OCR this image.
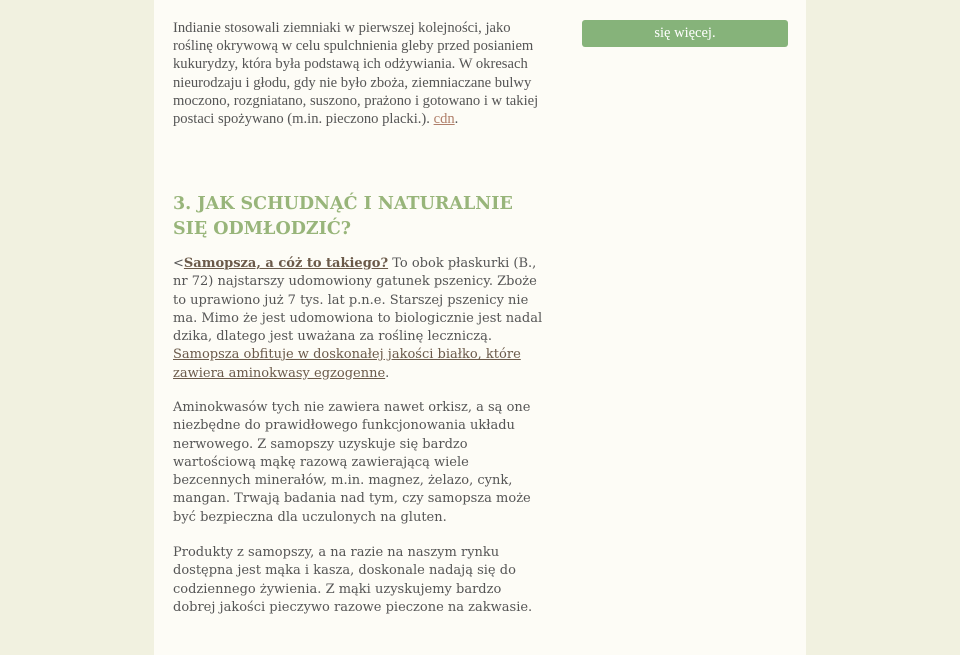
Indianie stosowali ziemniaki w pierwszej kolejności, jako roślinę okrywową w celu spulchnienia gleby przed posianiem kukurydzy, która była podstawą ich odżywiania. W okresach nieurodzaju i głodu, gdy nie było zboża, ziemniaczane bulwy moczono, rozgniatano, suszono, prażono i gotowano i w takiej postaci spożywano (m.in. pieczono placki.). cdn.
się więcej.
3. JAK SCHUDNĄĆ I NATURALNIE SIĘ ODMŁODZIĆ?
<Samopsza, a cóż to takiego? To obok płaskurki (B., nr 72) najstarszy udomowiony gatunek pszenicy. Zboże to uprawiono już 7 tys. lat p.n.e. Starszej pszenicy nie ma. Mimo że jest udomowiona to biologicznie jest nadal dzika, dlatego jest uważana za roślinę leczniczą. Samopsza obfituje w doskonałej jakości białko, które zawiera aminokwasy egzogenne.
Aminokwasów tych nie zawiera nawet orkisz, a są one niezbędne do prawidłowego funkcjonowania układu nerwowego. Z samopszy uzyskuje się bardzo wartościową mąkę razową zawierającą wiele bezcennych minerałów, m.in. magnez, żelazo, cynk, mangan. Trwają badania nad tym, czy samopsza może być bezpieczna dla uczulonych na gluten.
Produkty z samopszy, a na razie na naszym rynku dostępna jest mąka i kasza, doskonale nadają się do codziennego żywienia. Z mąki uzyskujemy bardzo dobrej jakości pieczywo razowe pieczone na zakwasie.
